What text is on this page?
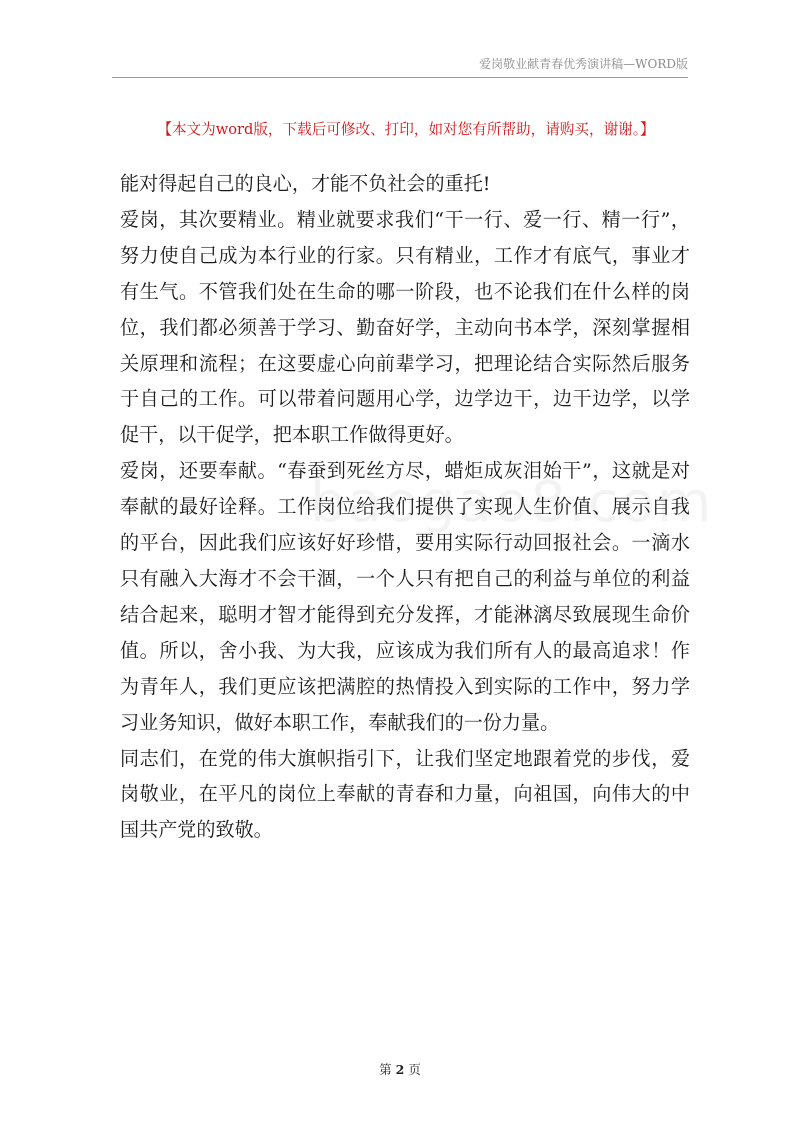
爱岗敬业献青春优秀演讲稿—WORD版
【本文为word版，下载后可修改、打印，如对您有所帮助，请购买，谢谢。】

能对得起自己的良心，才能不负社会的重托!

爱岗，其次要精业。精业就要求我们“干一行、爱一行、精一行”，努力使自己成为本行业的行家。只有精业，工作才有底气，事业才有生气。不管我们处在生命的哪一阶段，也不论我们在什么样的岗位，我们都必须善于学习、勤奋好学，主动向书本学，深刻掌握相关原理和流程；在这要虚心向前辈学习，把理论结合实际然后服务于自己的工作。可以带着问题用心学，边学边干，边干边学，以学促干，以干促学，把本职工作做得更好。

爱岗，还要奉献。“春蚕到死丝方尽，蜡炬成灰泪始干”，这就是对奉献的最好诠释。工作岗位给我们提供了实现人生价值、展示自我的平台，因此我们应该好好珍惜，要用实际行动回报社会。一滴水只有融入大海才不会干涸，一个人只有把自己的利益与单位的利益结合起来，聪明才智才能得到充分发挥，才能淋漓尽致展现生命价值。所以，舍小我、为大我，应该成为我们所有人的最高追求！作为青年人，我们更应该把满腔的热情投入到实际的工作中，努力学习业务知识，做好本职工作，奉献我们的一份力量。

同志们，在党的伟大旗帜指引下，让我们坚定地跟着党的步伐，爱岗敬业，在平凡的岗位上奉献的青春和力量，向祖国，向伟大的中国共产党的致敬。

第 2 页
